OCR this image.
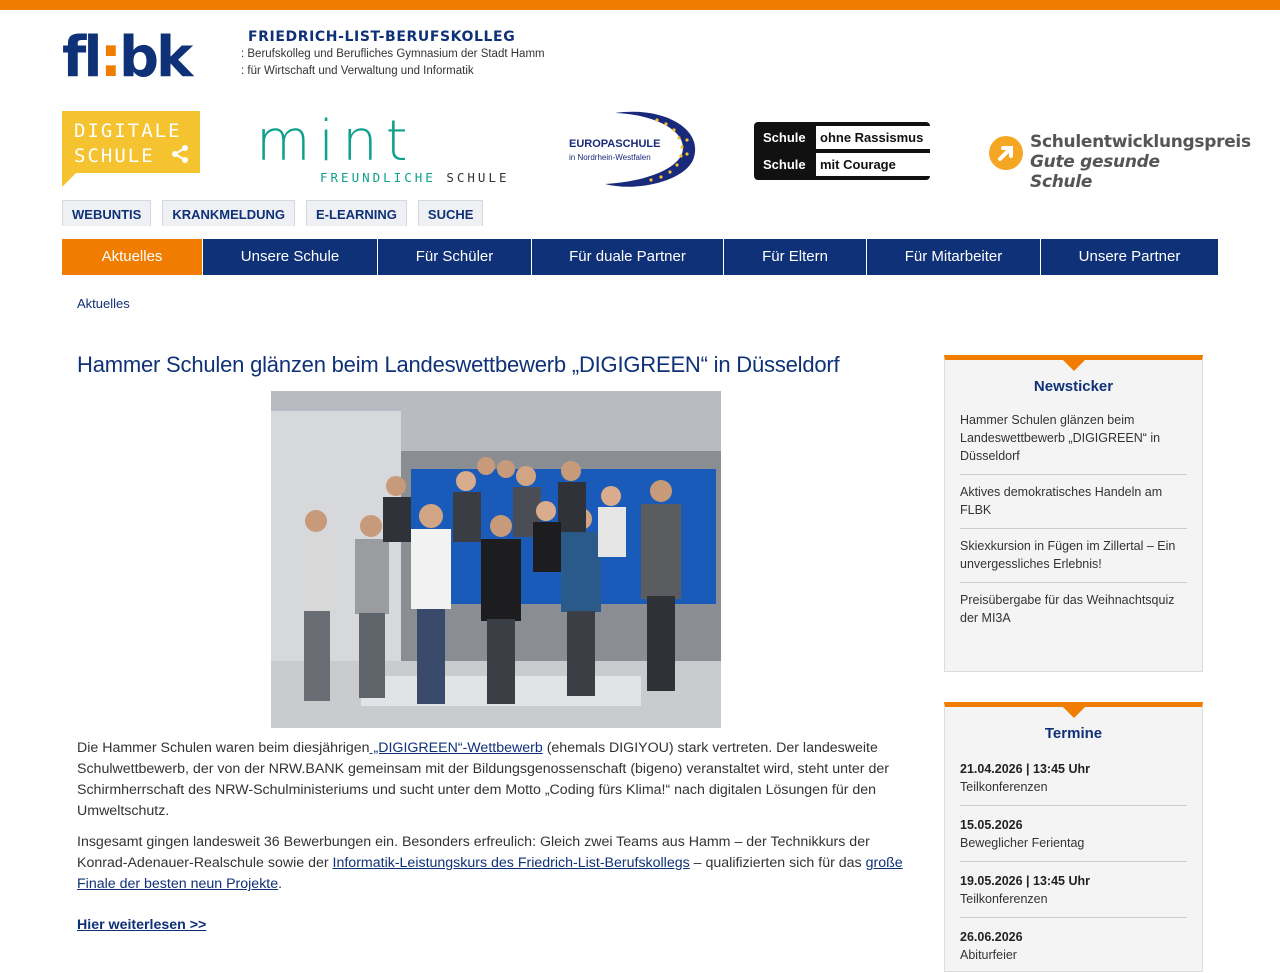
fl:bk	FRIEDRICH-LIST-BERUFSKOLLEG
: Berufskolleg und Berufliches Gymnasium der Stadt Hamm
: für Wirtschaft und Verwaltung und Informatik
DIGITALE
SCHULE	mint
FREUNDLICHE SCHULE
EUROPASCHULE
in Nordrhein-Westfalen
Schule	ohne Rassismus
Schule	mit Courage
Schulentwicklungspreis
Gute gesunde Schule
WEBUNTIS	KRANKMELDUNG	E-LEARNING	SUCHE
Aktuelles	Unsere Schule	Für Schüler	Für duale Partner	Für Eltern	Für Mitarbeiter	Unsere Partner
Aktuelles
Hammer Schulen glänzen beim Landeswettbewerb „DIGIGREEN“ in Düsseldorf

Die Hammer Schulen waren beim diesjährigen „DIGIGREEN“-Wettbewerb (ehemals DIGIYOU) stark vertreten. Der landesweite Schulwettbewerb, der von der NRW.BANK gemeinsam mit der Bildungsgenossenschaft (bigeno) veranstaltet wird, steht unter der Schirmherrschaft des NRW-Schulministeriums und sucht unter dem Motto „Coding fürs Klima!“ nach digitalen Lösungen für den Umweltschutz.

Insgesamt gingen landesweit 36 Bewerbungen ein. Besonders erfreulich: Gleich zwei Teams aus Hamm – der Technikkurs der Konrad-Adenauer-Realschule sowie der Informatik-Leistungskurs des Friedrich-List-Berufskollegs – qualifizierten sich für das große Finale der besten neun Projekte.

Hier weiterlesen >>
Newsticker
Hammer Schulen glänzen beim Landeswettbewerb „DIGIGREEN“ in Düsseldorf
Aktives demokratisches Handeln am FLBK
Skiexkursion in Fügen im Zillertal – Ein unvergessliches Erlebnis!
Preisübergabe für das Weihnachtsquiz der MI3A
Termine
21.04.2026 | 13:45 Uhr
Teilkonferenzen
15.05.2026
Beweglicher Ferientag
19.05.2026 | 13:45 Uhr
Teilkonferenzen
26.06.2026
Abiturfeier
